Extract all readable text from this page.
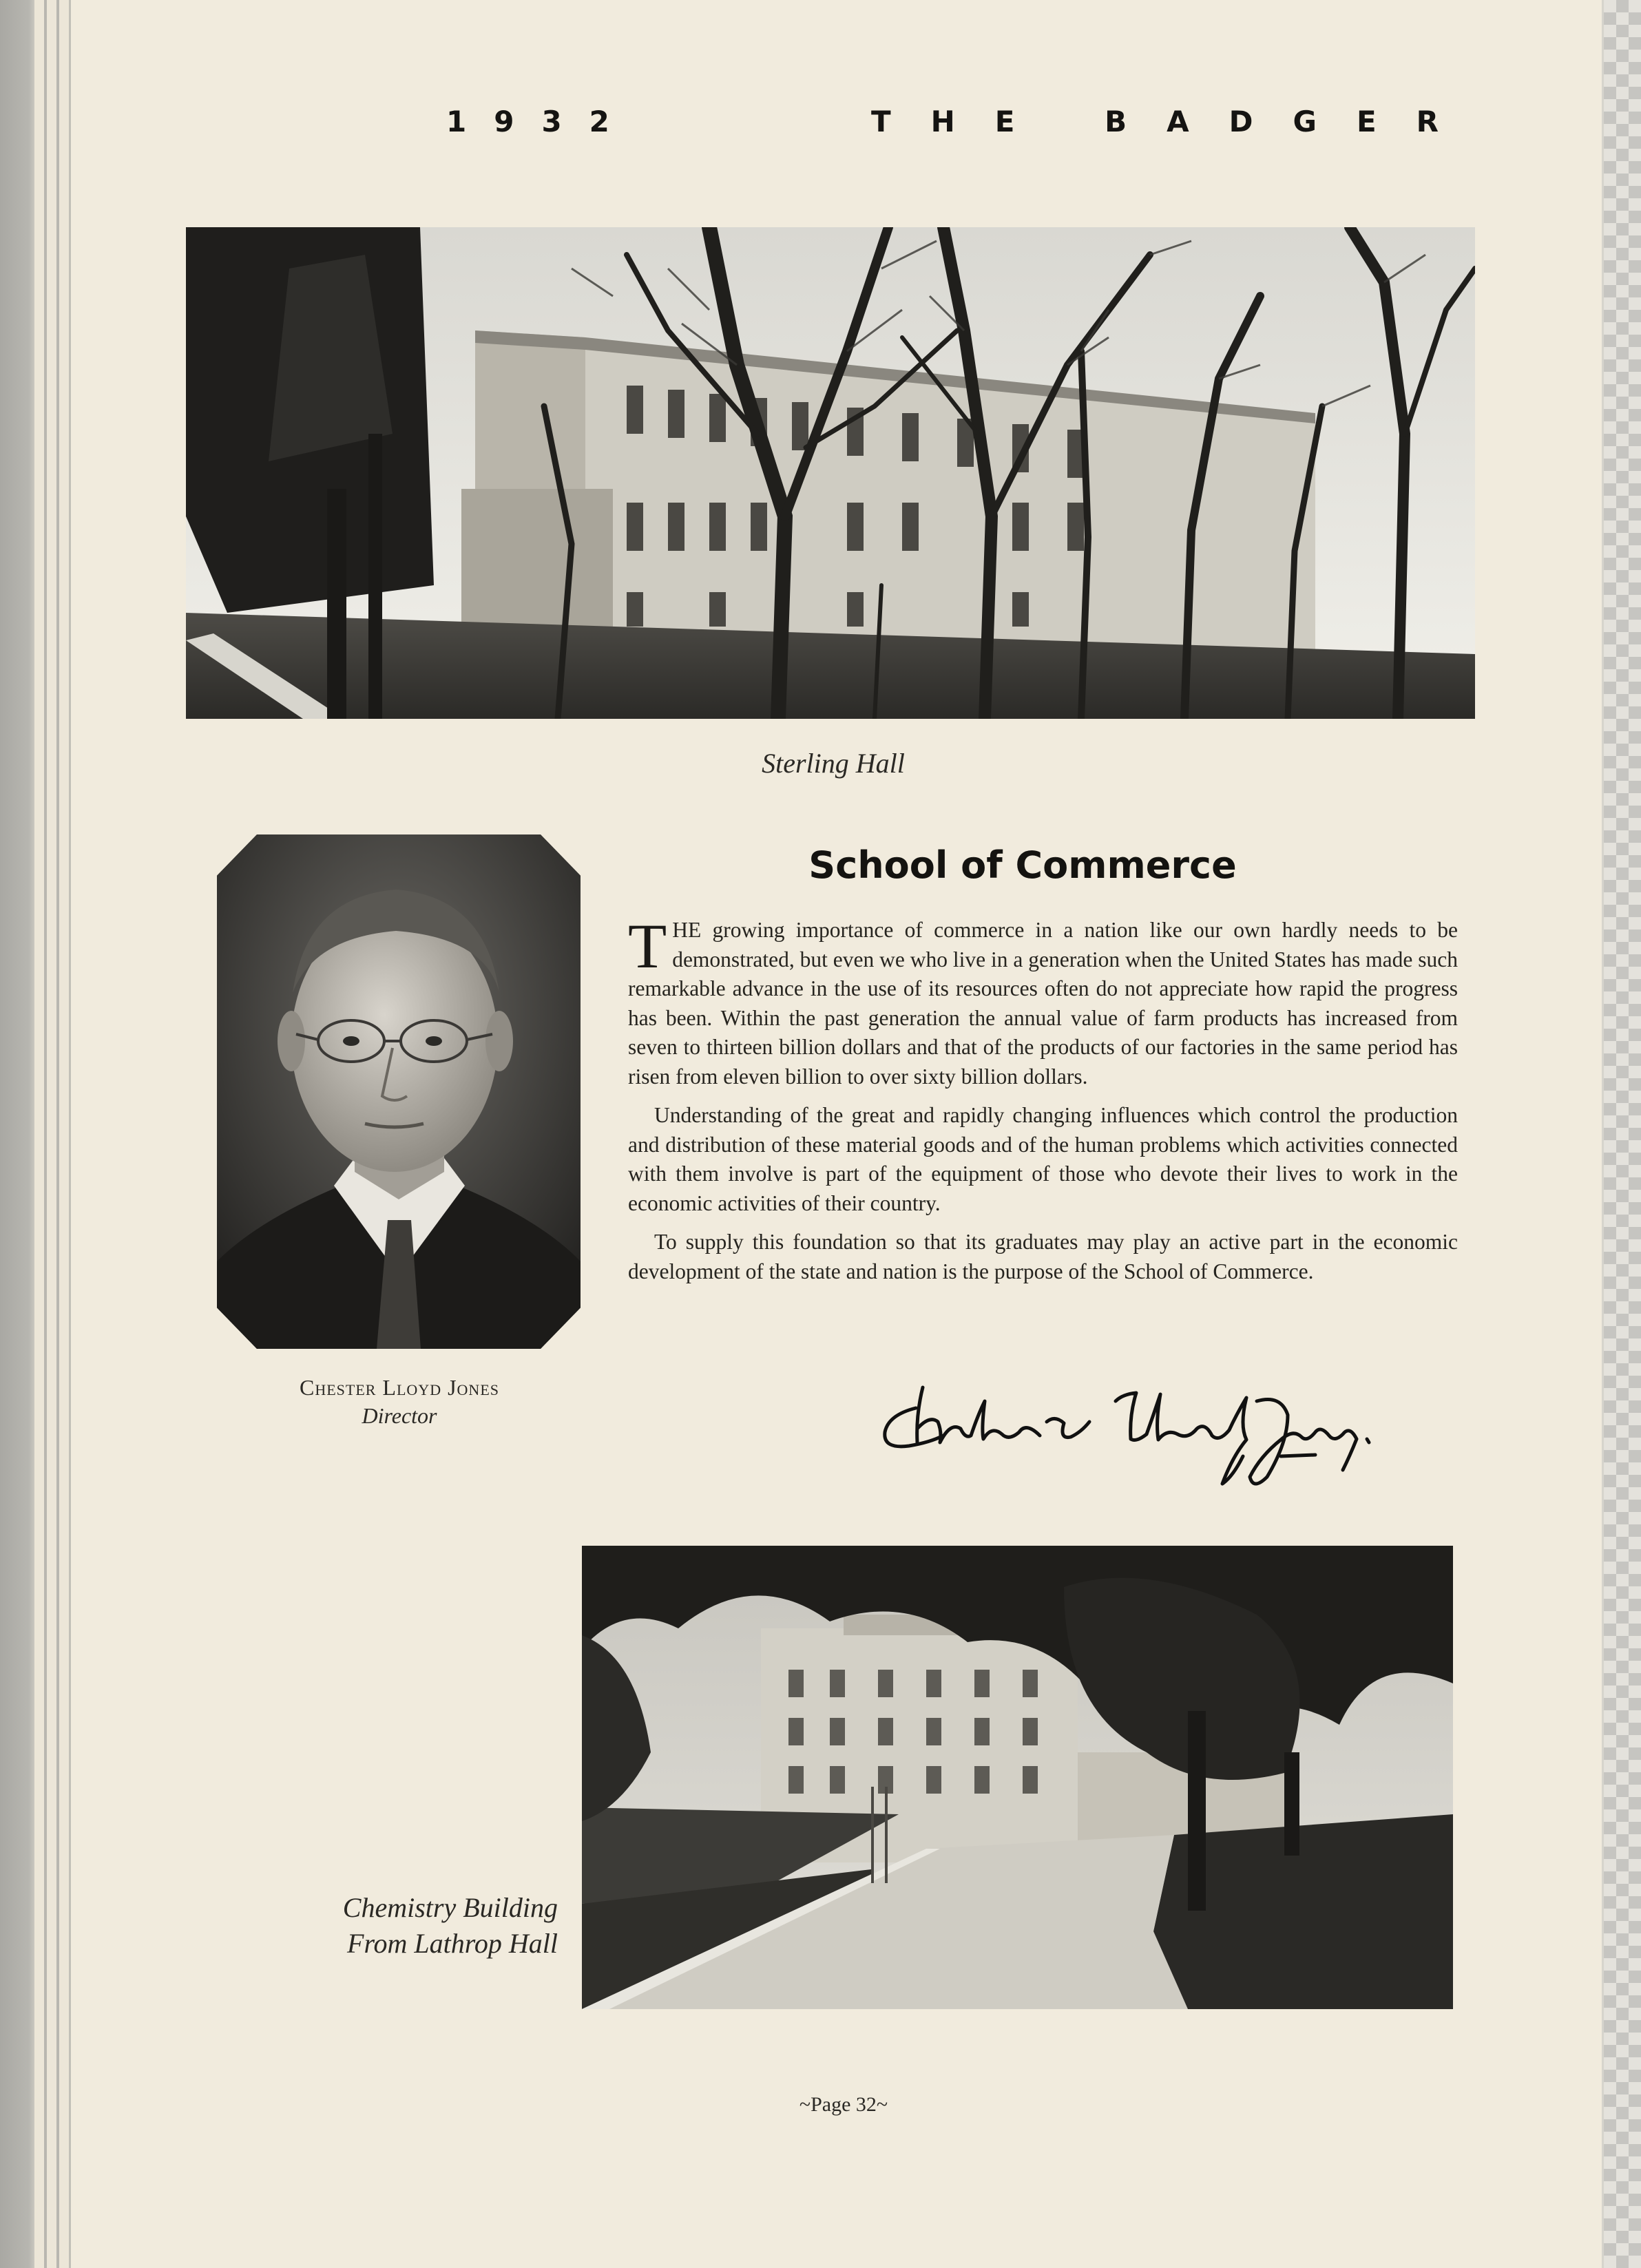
1932	THE BADGER
Sterling Hall
Chester Lloyd Jones
Director
School of Commerce

THE growing importance of commerce in a nation like our own hardly needs to be demonstrated, but even we who live in a generation when the United States has made such remarkable advance in the use of its resources often do not appreciate how rapid the progress has been. Within the past generation the annual value of farm products has increased from seven to thirteen billion dollars and that of the products of our factories in the same period has risen from eleven billion to over sixty billion dollars.

Understanding of the great and rapidly changing influences which control the production and distribution of these material goods and of the human problems which activities connected with them involve is part of the equipment of those who devote their lives to work in the economic activities of their country.

To supply this foundation so that its graduates may play an active part in the economic development of the state and nation is the purpose of the School of Commerce.

Chemistry Building
From Lathrop Hall
~Page 32~
